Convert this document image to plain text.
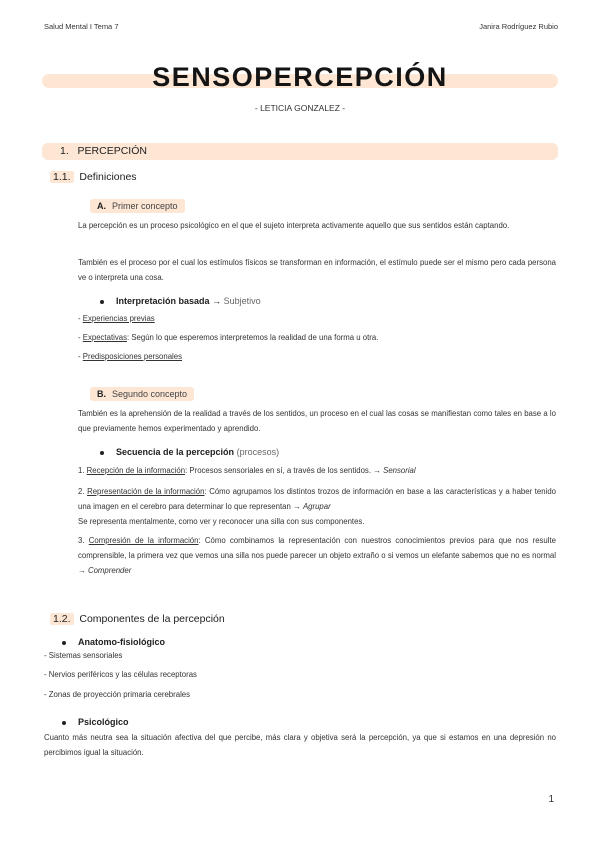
Salud Mental I Tema 7	Janira Rodríguez Rubio
SENSOPERCEPCIÓN
- LETICIA GONZALEZ -
1. PERCEPCIÓN
1.1. Definiciones
A. Primer concepto
La percepción es un proceso psicológico en el que el sujeto interpreta activamente aquello que sus sentidos están captando.
También es el proceso por el cual los estímulos físicos se transforman en información, el estímulo puede ser el mismo pero cada persona ve o interpreta una cosa.
Interpretación basada → Subjetivo
- Experiencias previas
- Expectativas: Según lo que esperemos interpretemos la realidad de una forma u otra.
- Predisposiciones personales
B. Segundo concepto
También es la aprehensión de la realidad a través de los sentidos, un proceso en el cual las cosas se manifiestan como tales en base a lo que previamente hemos experimentado y aprendido.
Secuencia de la percepción (procesos)
1. Recepción de la información: Procesos sensoriales en sí, a través de los sentidos. → Sensorial
2. Representación de la información: Cómo agrupamos los distintos trozos de información en base a las características y a haber tenido una imagen en el cerebro para determinar lo que representan → Agrupar
Se representa mentalmente, como ver y reconocer una silla con sus componentes.
3. Compresión de la información: Cómo combinamos la representación con nuestros conocimientos previos para que nos resulte comprensible, la primera vez que vemos una silla nos puede parecer un objeto extraño o si vemos un elefante sabemos que no es normal → Comprender
1.2. Componentes de la percepción
Anatomo-fisiológico
- Sistemas sensoriales
- Nervios periféricos y las células receptoras
- Zonas de proyección primaria cerebrales
Psicológico
Cuanto más neutra sea la situación afectiva del que percibe, más clara y objetiva será la percepción, ya que si estamos en una depresión no percibimos igual la situación.
1
